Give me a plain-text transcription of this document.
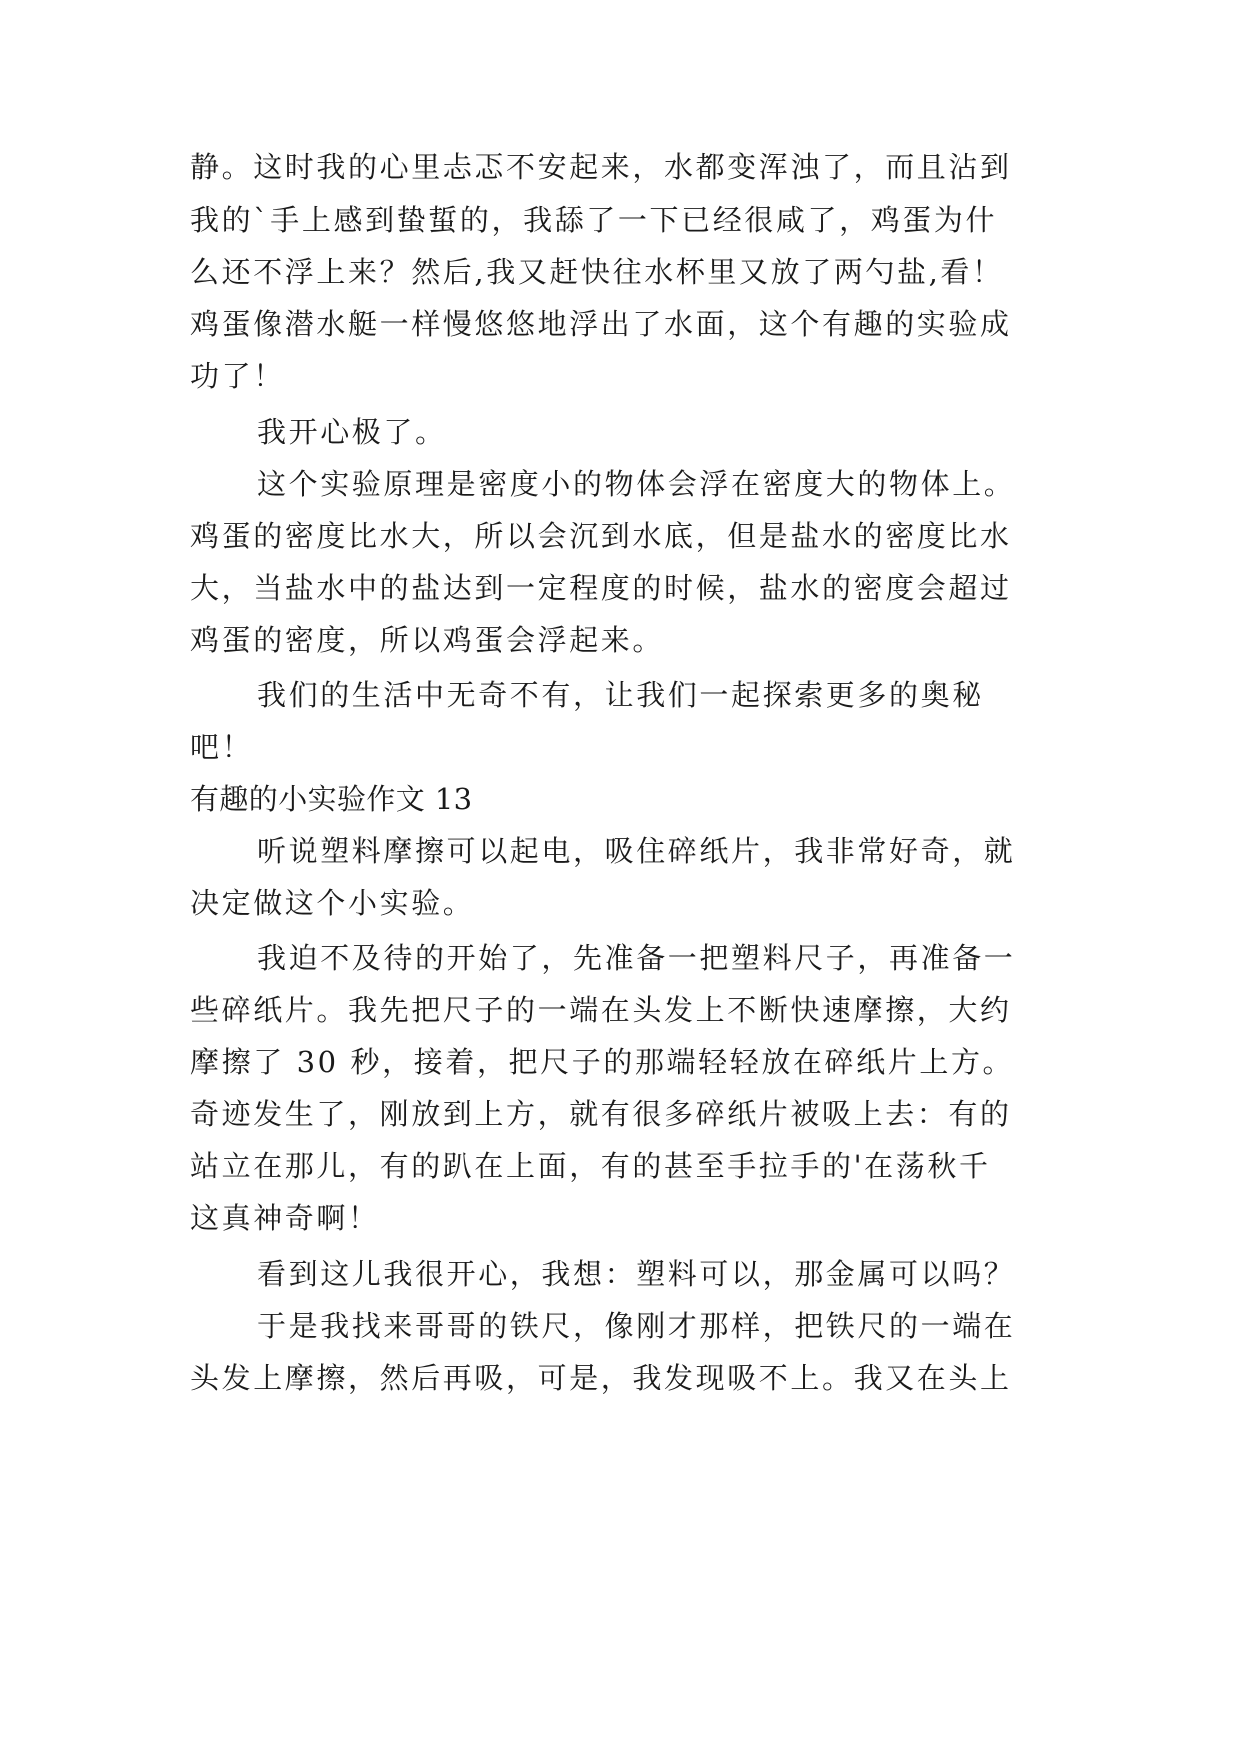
静。这时我的心里忐忑不安起来，水都变浑浊了，而且沾到
我的`手上感到蛰蜇的，我舔了一下已经很咸了，鸡蛋为什
么还不浮上来？然后,我又赶快往水杯里又放了两勺盐,看！
鸡蛋像潜水艇一样慢悠悠地浮出了水面，这个有趣的实验成
功了！
我开心极了。
这个实验原理是密度小的物体会浮在密度大的物体上。
鸡蛋的密度比水大，所以会沉到水底，但是盐水的密度比水
大，当盐水中的盐达到一定程度的时候，盐水的密度会超过
鸡蛋的密度，所以鸡蛋会浮起来。
我们的生活中无奇不有，让我们一起探索更多的奥秘
吧！
有趣的小实验作文 13
听说塑料摩擦可以起电，吸住碎纸片，我非常好奇，就
决定做这个小实验。
我迫不及待的开始了，先准备一把塑料尺子，再准备一
些碎纸片。我先把尺子的一端在头发上不断快速摩擦，大约
摩擦了 30 秒，接着，把尺子的那端轻轻放在碎纸片上方。
奇迹发生了，刚放到上方，就有很多碎纸片被吸上去：有的
站立在那儿，有的趴在上面，有的甚至手拉手的'在荡秋千
这真神奇啊！
看到这儿我很开心，我想：塑料可以，那金属可以吗？
于是我找来哥哥的铁尺，像刚才那样，把铁尺的一端在
头发上摩擦，然后再吸，可是，我发现吸不上。我又在头上
